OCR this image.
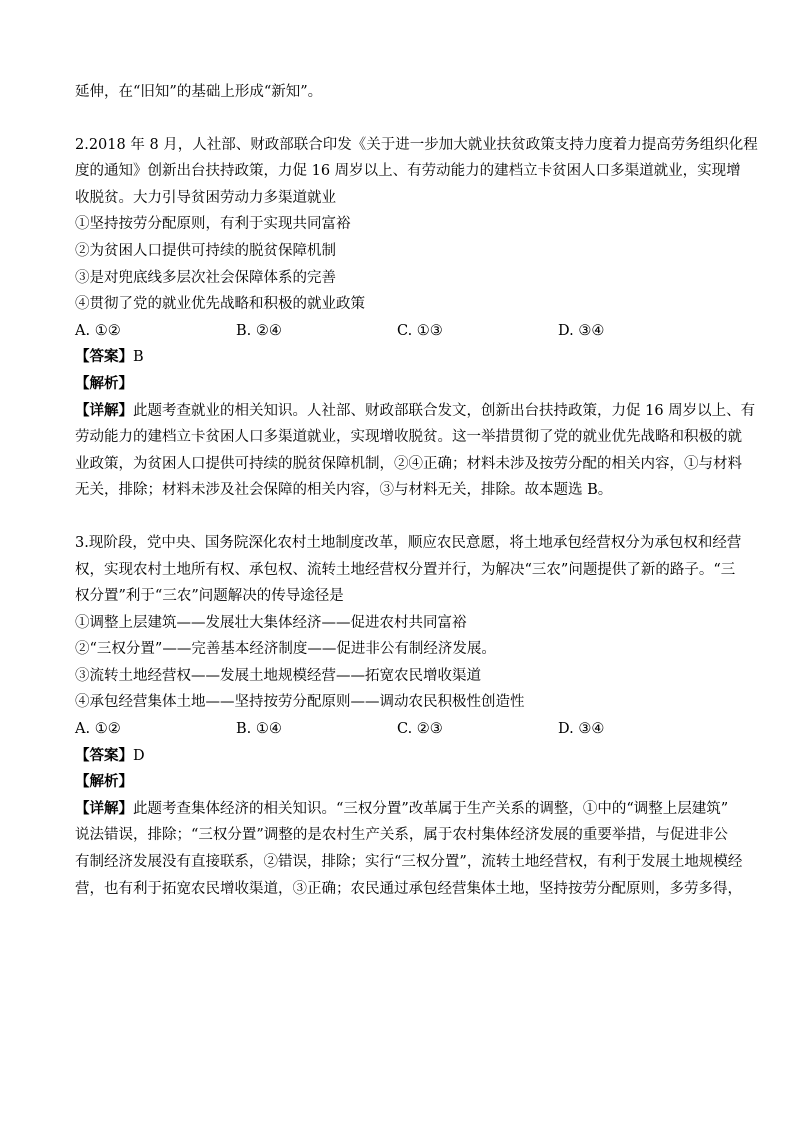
延伸，在“旧知”的基础上形成“新知”。
2.2018 年 8 月，人社部、财政部联合印发《关于进一步加大就业扶贫政策支持力度着力提高劳务组织化程
度的通知》创新出台扶持政策，力促 16 周岁以上、有劳动能力的建档立卡贫困人口多渠道就业，实现增
收脱贫。大力引导贫困劳动力多渠道就业
①坚持按劳分配原则，有利于实现共同富裕
②为贫困人口提供可持续的脱贫保障机制
③是对兜底线多层次社会保障体系的完善
④贯彻了党的就业优先战略和积极的就业政策
A. ①②	B. ②④	C. ①③	D. ③④
【答案】B
【解析】
【详解】此题考查就业的相关知识。人社部、财政部联合发文，创新出台扶持政策，力促 16 周岁以上、有
劳动能力的建档立卡贫困人口多渠道就业，实现增收脱贫。这一举措贯彻了党的就业优先战略和积极的就
业政策，为贫困人口提供可持续的脱贫保障机制，②④正确；材料未涉及按劳分配的相关内容，①与材料
无关，排除；材料未涉及社会保障的相关内容，③与材料无关，排除。故本题选 B。
3.现阶段，党中央、国务院深化农村土地制度改革，顺应农民意愿，将土地承包经营权分为承包权和经营
权，实现农村土地所有权、承包权、流转土地经营权分置并行，为解决“三农”问题提供了新的路子。“三
权分置”利于“三农”问题解决的传导途径是
①调整上层建筑——发展壮大集体经济——促进农村共同富裕
②“三权分置”——完善基本经济制度——促进非公有制经济发展。
③流转土地经营权——发展土地规模经营——拓宽农民增收渠道
④承包经营集体土地——坚持按劳分配原则——调动农民积极性创造性
A. ①②	B. ①④	C. ②③	D. ③④
【答案】D
【解析】
【详解】此题考查集体经济的相关知识。“三权分置”改革属于生产关系的调整，①中的“调整上层建筑”
说法错误，排除；“三权分置”调整的是农村生产关系，属于农村集体经济发展的重要举措，与促进非公
有制经济发展没有直接联系，②错误，排除；实行“三权分置”，流转土地经营权，有利于发展土地规模经
营，也有利于拓宽农民增收渠道，③正确；农民通过承包经营集体土地，坚持按劳分配原则，多劳多得，
